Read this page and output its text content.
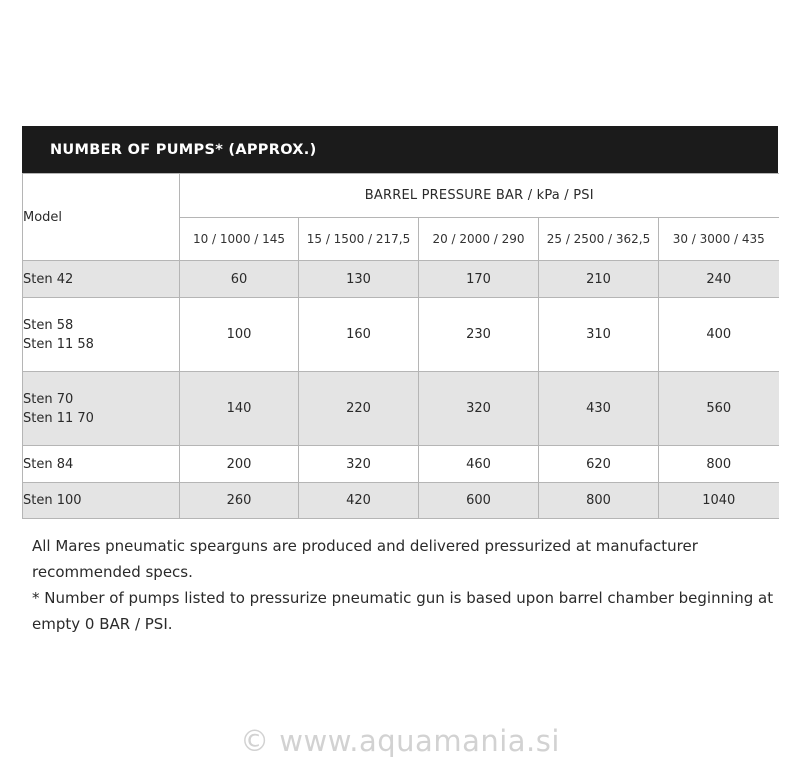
NUMBER OF PUMPS* (APPROX.)
Model	BARREL PRESSURE BAR / kPa / PSI				
	10 / 1000 / 145	15 / 1500 / 217,5	20 / 2000 / 290	25 / 2500 / 362,5	30 / 3000 / 435
Sten 42	60	130	170	210	240
Sten 58
Sten 11 58	100	160	230	310	400
Sten 70
Sten 11 70	140	220	320	430	560
Sten 84	200	320	460	620	800
Sten 100	260	420	600	800	1040

All Mares pneumatic spearguns are produced and delivered pressurized at manufacturer recommended specs.

* Number of pumps listed to pressurize pneumatic gun is based upon barrel chamber beginning at empty 0 BAR / PSI.

© www.aquamania.si
